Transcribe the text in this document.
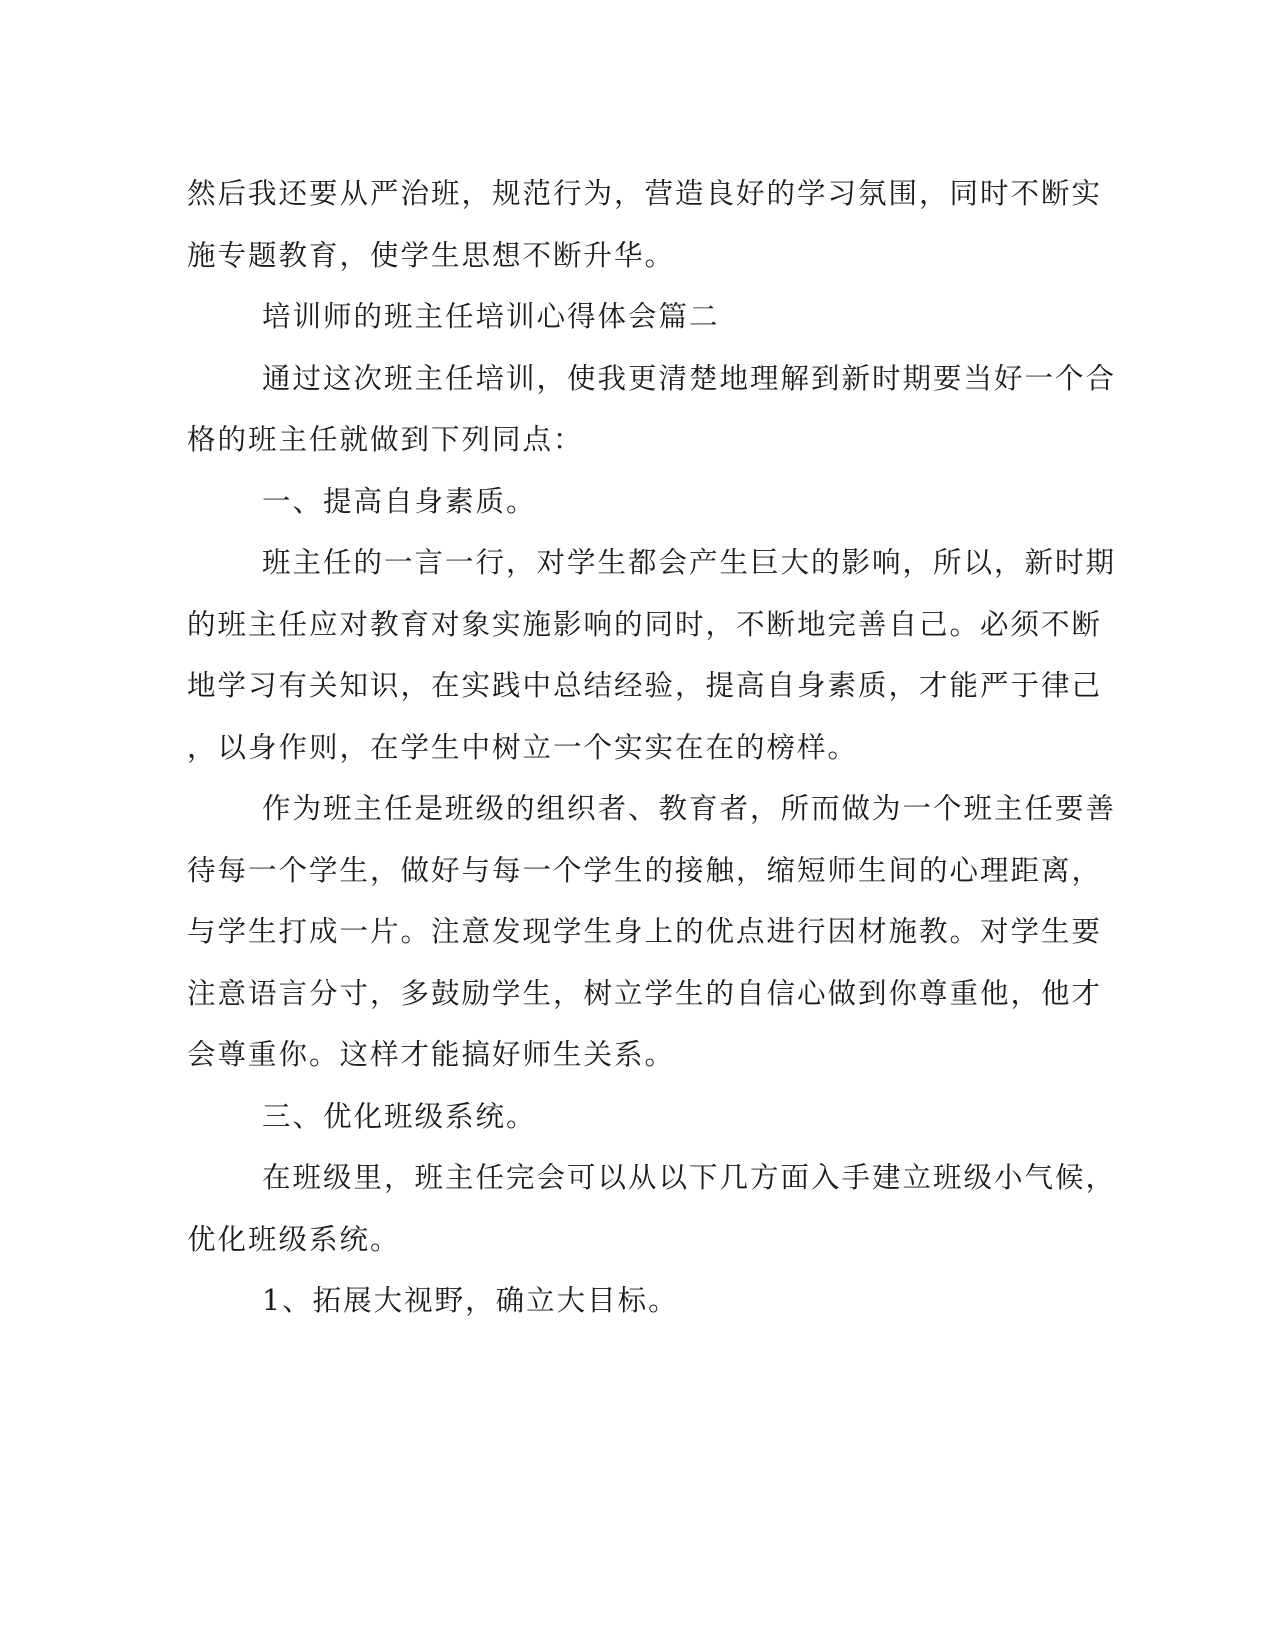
然后我还要从严治班，规范行为，营造良好的学习氛围，同时不断实
施专题教育，使学生思想不断升华。
培训师的班主任培训心得体会篇二
通过这次班主任培训，使我更清楚地理解到新时期要当好一个合
格的班主任就做到下列同点：
一、提高自身素质。
班主任的一言一行，对学生都会产生巨大的影响，所以，新时期
的班主任应对教育对象实施影响的同时，不断地完善自己。必须不断
地学习有关知识，在实践中总结经验，提高自身素质，才能严于律己
，以身作则，在学生中树立一个实实在在的榜样。
作为班主任是班级的组织者、教育者，所而做为一个班主任要善
待每一个学生，做好与每一个学生的接触，缩短师生间的心理距离，
与学生打成一片。注意发现学生身上的优点进行因材施教。对学生要
注意语言分寸，多鼓励学生，树立学生的自信心做到你尊重他，他才
会尊重你。这样才能搞好师生关系。
三、优化班级系统。
在班级里，班主任完会可以从以下几方面入手建立班级小气候，
优化班级系统。
1、拓展大视野，确立大目标。
